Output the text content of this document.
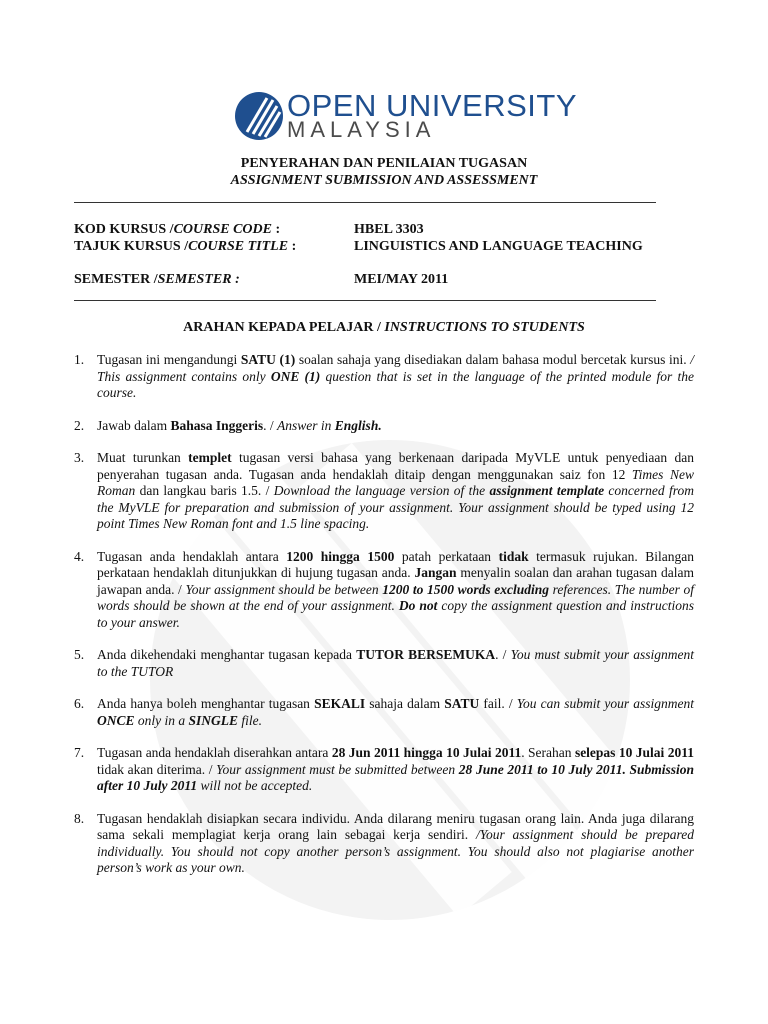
OPEN UNIVERSITY
MALAYSIA
PENYERAHAN DAN PENILAIAN TUGASAN
ASSIGNMENT SUBMISSION AND ASSESSMENT
KOD KURSUS /COURSE CODE :	HBEL 3303
TAJUK KURSUS /COURSE TITLE :	LINGUISTICS AND LANGUAGE TEACHING
SEMESTER /SEMESTER :	MEI/MAY 2011
ARAHAN KEPADA PELAJAR / INSTRUCTIONS TO STUDENTS
1. Tugasan ini mengandungi SATU (1) soalan sahaja yang disediakan dalam bahasa modul bercetak kursus ini. / This assignment contains only ONE (1) question that is set in the language of the printed module for the course.
2. Jawab dalam Bahasa Inggeris. / Answer in English.
3. Muat turunkan templet tugasan versi bahasa yang berkenaan daripada MyVLE untuk penyediaan dan penyerahan tugasan anda. Tugasan anda hendaklah ditaip dengan menggunakan saiz fon 12 Times New Roman dan langkau baris 1.5. / Download the language version of the assignment template concerned from the MyVLE for preparation and submission of your assignment. Your assignment should be typed using 12 point Times New Roman font and 1.5 line spacing.
4. Tugasan anda hendaklah antara 1200 hingga 1500 patah perkataan tidak termasuk rujukan. Bilangan perkataan hendaklah ditunjukkan di hujung tugasan anda. Jangan menyalin soalan dan arahan tugasan dalam jawapan anda. / Your assignment should be between 1200 to 1500 words excluding references. The number of words should be shown at the end of your assignment. Do not copy the assignment question and instructions to your answer.
5. Anda dikehendaki menghantar tugasan kepada TUTOR BERSEMUKA. / You must submit your assignment to the TUTOR
6. Anda hanya boleh menghantar tugasan SEKALI sahaja dalam SATU fail. / You can submit your assignment ONCE only in a SINGLE file.
7. Tugasan anda hendaklah diserahkan antara 28 Jun 2011 hingga 10 Julai 2011. Serahan selepas 10 Julai 2011 tidak akan diterima. / Your assignment must be submitted between 28 June 2011 to 10 July 2011. Submission after 10 July 2011 will not be accepted.
8. Tugasan hendaklah disiapkan secara individu. Anda dilarang meniru tugasan orang lain. Anda juga dilarang sama sekali memplagiat kerja orang lain sebagai kerja sendiri. /Your assignment should be prepared individually. You should not copy another person’s assignment. You should also not plagiarise another person’s work as your own.
